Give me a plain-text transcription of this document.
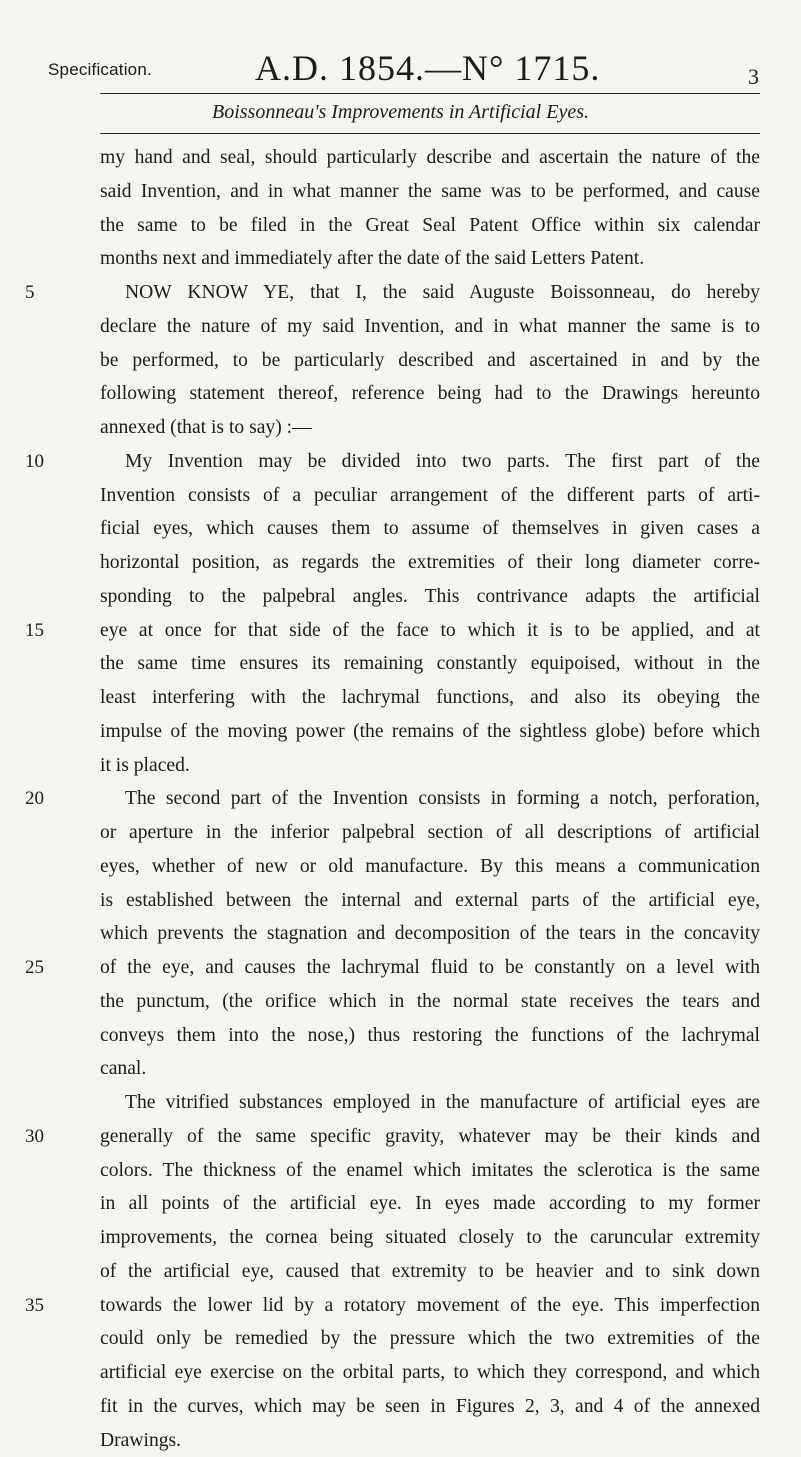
Specification.	A.D. 1854.—N° 1715.	3
Boissonneau's Improvements in Artificial Eyes.
my hand and seal, should particularly describe and ascertain the nature of the
said Invention, and in what manner the same was to be performed, and cause
the same to be filed in the Great Seal Patent Office within six calendar
months next and immediately after the date of the said Letters Patent.
NOW KNOW YE, that I, the said Auguste Boissonneau, do hereby
5
declare the nature of my said Invention, and in what manner the same is to
be performed, to be particularly described and ascertained in and by the
following statement thereof, reference being had to the Drawings hereunto
annexed (that is to say) :—
My Invention may be divided into two parts. The first part of the
10
Invention consists of a peculiar arrangement of the different parts of arti-
ficial eyes, which causes them to assume of themselves in given cases a
horizontal position, as regards the extremities of their long diameter corre-
sponding to the palpebral angles. This contrivance adapts the artificial
eye at once for that side of the face to which it is to be applied, and at
15
the same time ensures its remaining constantly equipoised, without in the
least interfering with the lachrymal functions, and also its obeying the
impulse of the moving power (the remains of the sightless globe) before which
it is placed.
The second part of the Invention consists in forming a notch, perforation,
20
or aperture in the inferior palpebral section of all descriptions of artificial
eyes, whether of new or old manufacture. By this means a communication
is established between the internal and external parts of the artificial eye,
which prevents the stagnation and decomposition of the tears in the concavity
of the eye, and causes the lachrymal fluid to be constantly on a level with
25
the punctum, (the orifice which in the normal state receives the tears and
conveys them into the nose,) thus restoring the functions of the lachrymal
canal.
The vitrified substances employed in the manufacture of artificial eyes are
generally of the same specific gravity, whatever may be their kinds and
30
colors. The thickness of the enamel which imitates the sclerotica is the same
in all points of the artificial eye. In eyes made according to my former
improvements, the cornea being situated closely to the caruncular extremity
of the artificial eye, caused that extremity to be heavier and to sink down
towards the lower lid by a rotatory movement of the eye. This imperfection
35
could only be remedied by the pressure which the two extremities of the
artificial eye exercise on the orbital parts, to which they correspond, and which
fit in the curves, which may be seen in Figures 2, 3, and 4 of the annexed
Drawings.
